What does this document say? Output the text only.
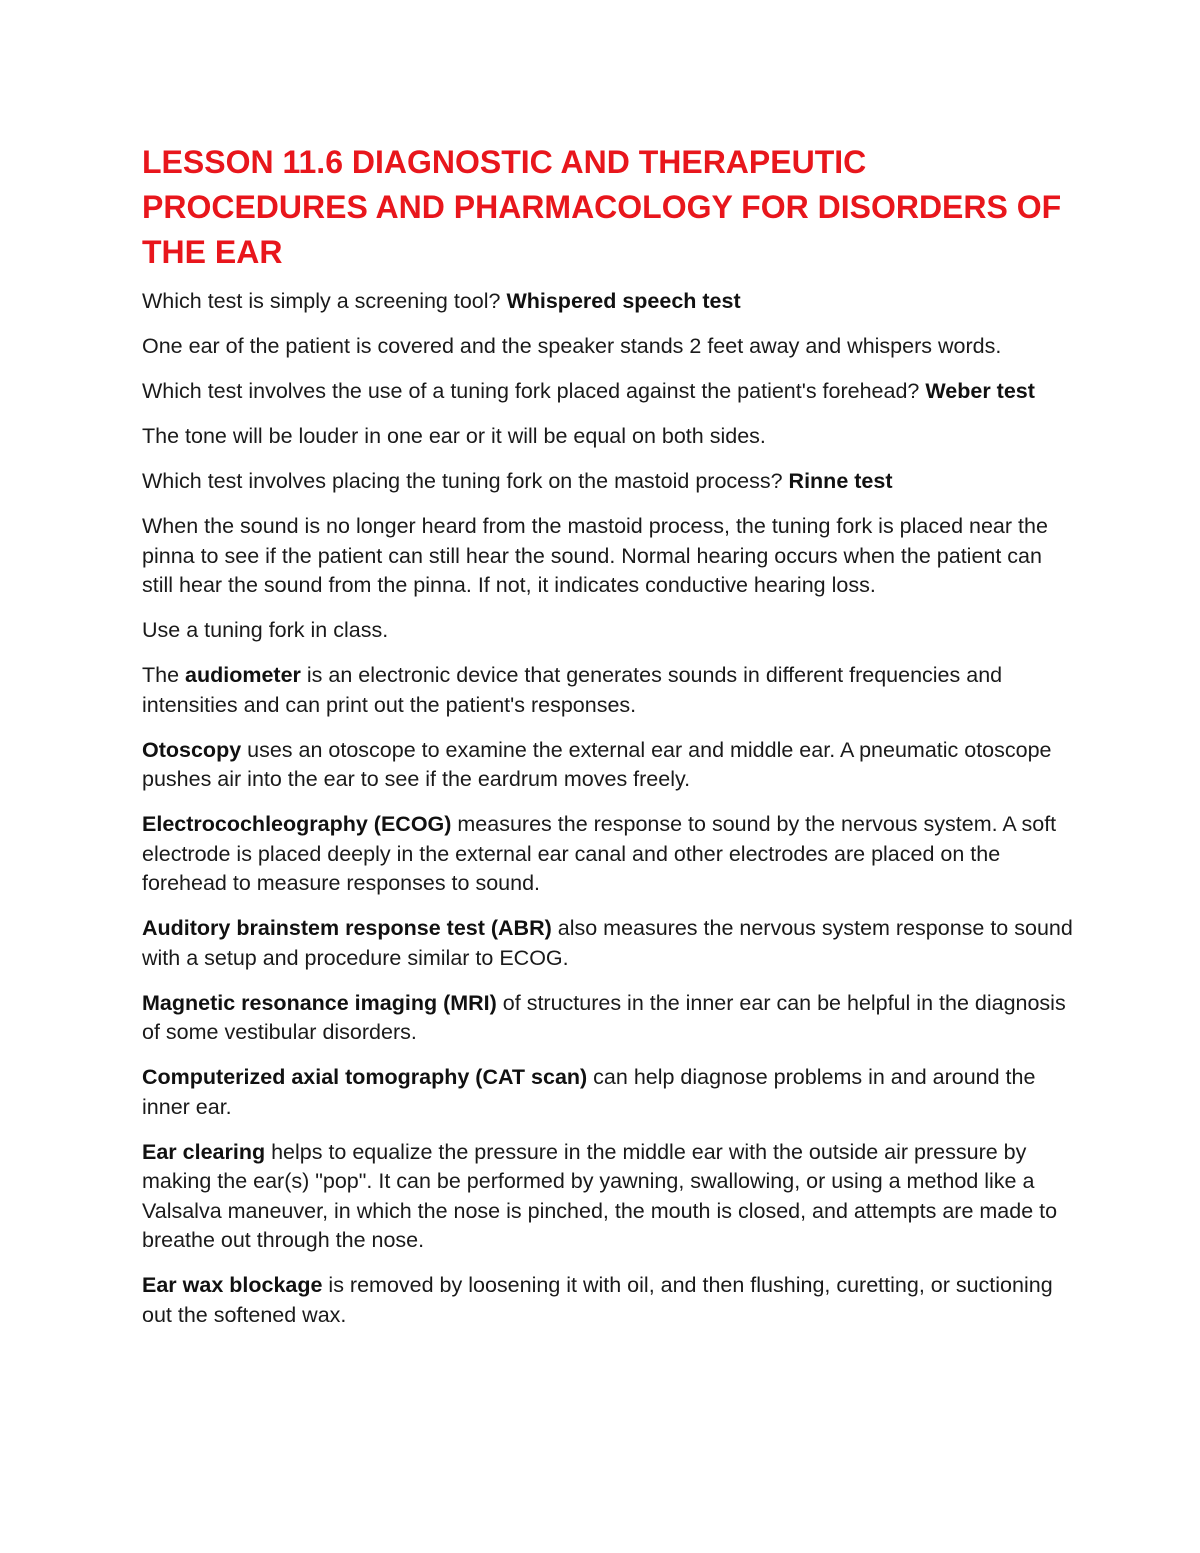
LESSON 11.6 DIAGNOSTIC AND THERAPEUTIC PROCEDURES AND PHARMACOLOGY FOR DISORDERS OF THE EAR

Which test is simply a screening tool? Whispered speech test

One ear of the patient is covered and the speaker stands 2 feet away and whispers words.

Which test involves the use of a tuning fork placed against the patient's forehead? Weber test

The tone will be louder in one ear or it will be equal on both sides.

Which test involves placing the tuning fork on the mastoid process? Rinne test

When the sound is no longer heard from the mastoid process, the tuning fork is placed near the pinna to see if the patient can still hear the sound. Normal hearing occurs when the patient can still hear the sound from the pinna. If not, it indicates conductive hearing loss.

Use a tuning fork in class.

The audiometer is an electronic device that generates sounds in different frequencies and intensities and can print out the patient's responses.

Otoscopy uses an otoscope to examine the external ear and middle ear. A pneumatic otoscope pushes air into the ear to see if the eardrum moves freely.

Electrocochleography (ECOG) measures the response to sound by the nervous system. A soft electrode is placed deeply in the external ear canal and other electrodes are placed on the forehead to measure responses to sound.

Auditory brainstem response test (ABR) also measures the nervous system response to sound with a setup and procedure similar to ECOG.

Magnetic resonance imaging (MRI) of structures in the inner ear can be helpful in the diagnosis of some vestibular disorders.

Computerized axial tomography (CAT scan) can help diagnose problems in and around the inner ear.

Ear clearing helps to equalize the pressure in the middle ear with the outside air pressure by making the ear(s) "pop". It can be performed by yawning, swallowing, or using a method like a Valsalva maneuver, in which the nose is pinched, the mouth is closed, and attempts are made to breathe out through the nose.

Ear wax blockage is removed by loosening it with oil, and then flushing, curetting, or suctioning out the softened wax.
